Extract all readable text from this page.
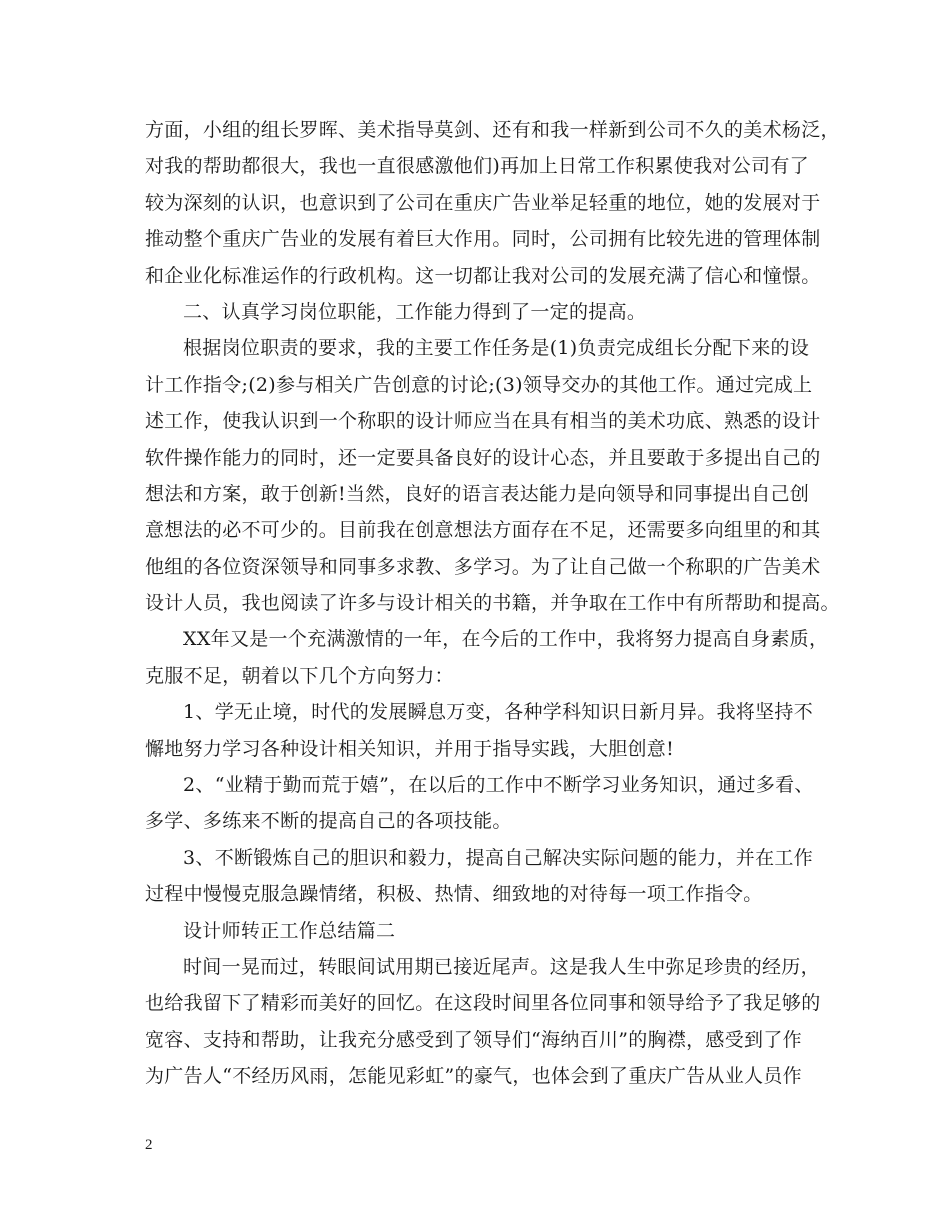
方面，小组的组长罗晖、美术指导莫剑、还有和我一样新到公司不久的美术杨泛，
对我的帮助都很大，我也一直很感激他们)再加上日常工作积累使我对公司有了
较为深刻的认识，也意识到了公司在重庆广告业举足轻重的地位，她的发展对于
推动整个重庆广告业的发展有着巨大作用。同时，公司拥有比较先进的管理体制
和企业化标准运作的行政机构。这一切都让我对公司的发展充满了信心和憧憬。
二、认真学习岗位职能，工作能力得到了一定的提高。
根据岗位职责的要求，我的主要工作任务是(1)负责完成组长分配下来的设
计工作指令;(2)参与相关广告创意的讨论;(3)领导交办的其他工作。通过完成上
述工作，使我认识到一个称职的设计师应当在具有相当的美术功底、熟悉的设计
软件操作能力的同时，还一定要具备良好的设计心态，并且要敢于多提出自己的
想法和方案，敢于创新!当然，良好的语言表达能力是向领导和同事提出自己创
意想法的必不可少的。目前我在创意想法方面存在不足，还需要多向组里的和其
他组的各位资深领导和同事多求教、多学习。为了让自己做一个称职的广告美术
设计人员，我也阅读了许多与设计相关的书籍，并争取在工作中有所帮助和提高。
XX年又是一个充满激情的一年，在今后的工作中，我将努力提高自身素质，
克服不足，朝着以下几个方向努力：
1、学无止境，时代的发展瞬息万变，各种学科知识日新月异。我将坚持不
懈地努力学习各种设计相关知识，并用于指导实践，大胆创意!
2、“业精于勤而荒于嬉”，在以后的工作中不断学习业务知识，通过多看、
多学、多练来不断的提高自己的各项技能。
3、不断锻炼自己的胆识和毅力，提高自己解决实际问题的能力，并在工作
过程中慢慢克服急躁情绪，积极、热情、细致地的对待每一项工作指令。
设计师转正工作总结篇二
时间一晃而过，转眼间试用期已接近尾声。这是我人生中弥足珍贵的经历，
也给我留下了精彩而美好的回忆。在这段时间里各位同事和领导给予了我足够的
宽容、支持和帮助，让我充分感受到了领导们“海纳百川”的胸襟，感受到了作
为广告人“不经历风雨，怎能见彩虹”的豪气，也体会到了重庆广告从业人员作
2
